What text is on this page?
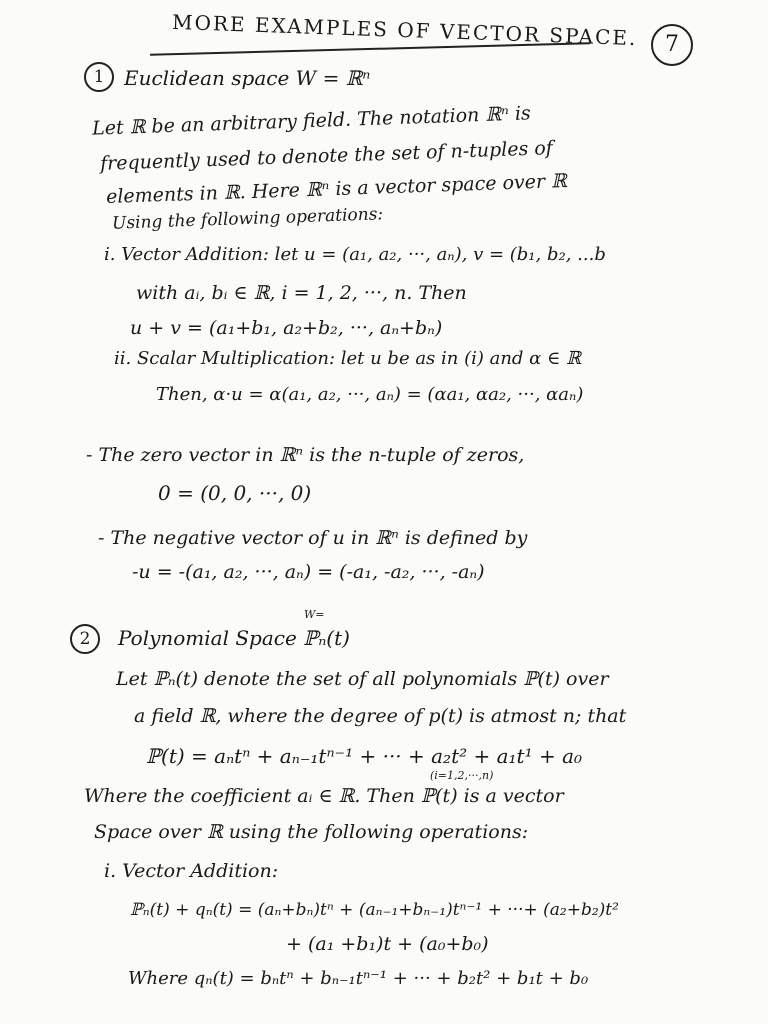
MORE EXAMPLES OF VECTOR SPACE.	7
1 Euclidean space W = ℝⁿ
Let ℝ be an arbitrary field. The notation ℝⁿ is
frequently used to denote the set of n-tuples of
elements in ℝ. Here ℝⁿ is a vector space over ℝ
Using the following operations:
i. Vector Addition: let u = (a₁, a₂, ···, aₙ), v = (b₁, b₂, ...b
with aᵢ, bᵢ ∈ ℝ, i = 1, 2, ···, n. Then
u + v = (a₁+b₁, a₂+b₂, ···, aₙ+bₙ)
ii. Scalar Multiplication: let u be as in (i) and α ∈ ℝ
Then, α·u = α(a₁, a₂, ···, aₙ) = (αa₁, αa₂, ···, αaₙ)
- The zero vector in ℝⁿ is the n-tuple of zeros,
0 = (0, 0, ···, 0)
- The negative vector of u in ℝⁿ is defined by
-u = -(a₁, a₂, ···, aₙ) = (-a₁, -a₂, ···, -aₙ)
2
W=
Polynomial Space ℙₙ(t)
Let ℙₙ(t) denote the set of all polynomials ℙ(t) over
a field ℝ, where the degree of p(t) is atmost n; that
ℙ(t) = aₙtⁿ + aₙ₋₁tⁿ⁻¹ + ··· + a₂t² + a₁t¹ + a₀
(i=1,2,···,n)
Where the coefficient aᵢ ∈ ℝ. Then ℙ(t) is a vector
Space over ℝ using the following operations:
i. Vector Addition:
ℙₙ(t) + qₙ(t) = (aₙ+bₙ)tⁿ + (aₙ₋₁+bₙ₋₁)tⁿ⁻¹ + ···+ (a₂+b₂)t²
+ (a₁ +b₁)t + (a₀+b₀)
Where qₙ(t) = bₙtⁿ + bₙ₋₁tⁿ⁻¹ + ··· + b₂t² + b₁t + b₀
